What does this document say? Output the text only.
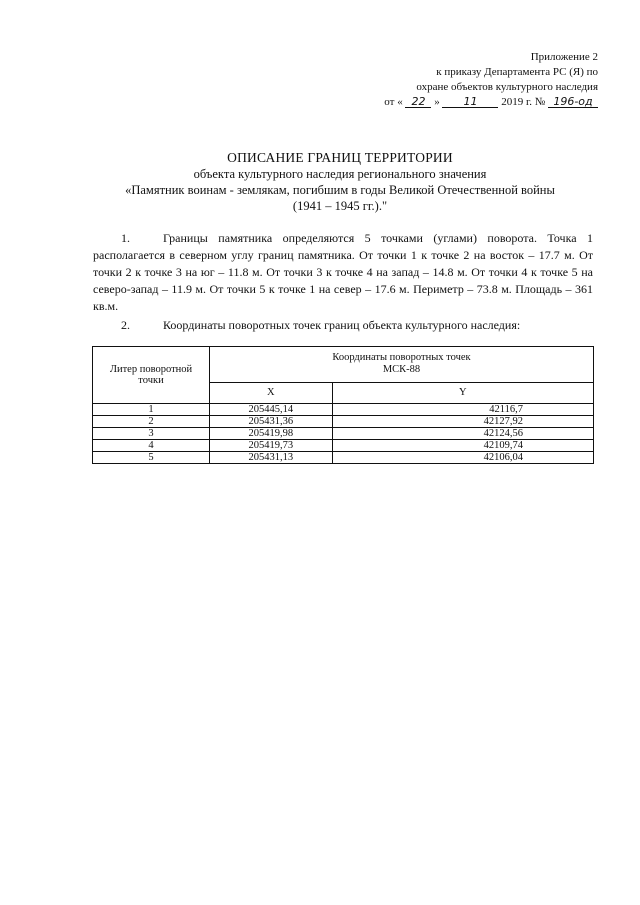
Приложение 2
к приказу Департамента РС (Я) по
охране объектов культурного наследия
от « 22 » 11 2019 г. № 196-од
ОПИСАНИЕ ГРАНИЦ ТЕРРИТОРИИ
объекта культурного наследия регионального значения
«Памятник воинам - землякам, погибшим в годы Великой Отечественной войны
(1941 – 1945 гг.)."
1.	Границы памятника определяются 5 точками (углами) поворота. Точка 1 располагается в северном углу границ памятника. От точки 1 к точке 2 на восток – 17.7 м. От точки 2 к точке 3 на юг – 11.8 м. От точки 3 к точке 4 на запад – 14.8 м. От точки 4 к точке 5 на северо-запад – 11.9 м. От точки 5 к точке 1 на север – 17.6 м. Периметр – 73.8 м. Площадь – 361 кв.м.
2.	Координаты поворотных точек границ объекта культурного наследия:
Литер поворотной точки	Координаты поворотных точек
МСК-88	

	X	Y
1	205445,14	42116,7
2	205431,36	42127,92
3	205419,98	42124,56
4	205419,73	42109,74
5	205431,13	42106,04
